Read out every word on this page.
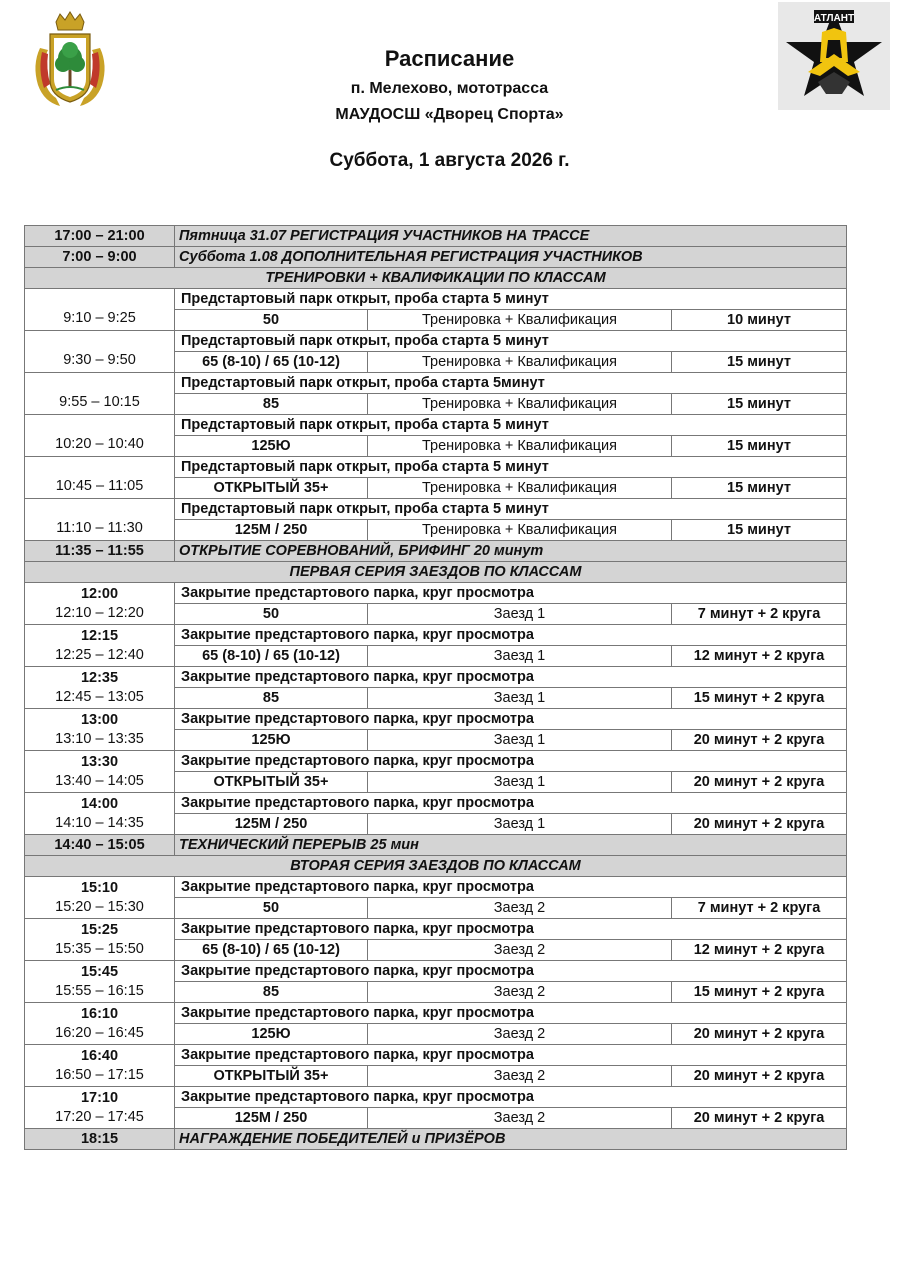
АТЛАНТ
Расписание
п. Мелехово, мототрасса
МАУДОСШ «Дворец Спорта»
Суббота, 1 августа 2026 г.
17:00 – 21:00	Пятница 31.07 РЕГИСТРАЦИЯ УЧАСТНИКОВ НА ТРАССЕ		
7:00 – 9:00	Суббота 1.08 ДОПОЛНИТЕЛЬНАЯ РЕГИСТРАЦИЯ УЧАСТНИКОВ		
ТРЕНИРОВКИ + КВАЛИФИКАЦИИ ПО КЛАССАМ			

9:10 – 9:25	Предстартовый парк открыт, проба старта 5 минут		
	50	Тренировка + Квалификация	10 минут

9:30 – 9:50	Предстартовый парк открыт, проба старта 5 минут		
	65 (8-10) / 65 (10-12)	Тренировка + Квалификация	15 минут

9:55 – 10:15	Предстартовый парк открыт, проба старта 5минут		
	85	Тренировка + Квалификация	15 минут

10:20 – 10:40	Предстартовый парк открыт, проба старта 5 минут		
	125Ю	Тренировка + Квалификация	15 минут

10:45 – 11:05	Предстартовый парк открыт, проба старта 5 минут		
	ОТКРЫТЫЙ 35+	Тренировка + Квалификация	15 минут

11:10 – 11:30	Предстартовый парк открыт, проба старта 5 минут		
	125М / 250	Тренировка + Квалификация	15 минут
11:35 – 11:55	ОТКРЫТИЕ СОРЕВНОВАНИЙ, БРИФИНГ 20 минут		
ПЕРВАЯ СЕРИЯ ЗАЕЗДОВ ПО КЛАССАМ			

12:00
12:10 – 12:20	Закрытие предстартового парка, круг просмотра		
	50	Заезд 1	7 минут + 2 круга

12:15
12:25 – 12:40	Закрытие предстартового парка, круг просмотра		
	65 (8-10) / 65 (10-12)	Заезд 1	12 минут + 2 круга

12:35
12:45 – 13:05	Закрытие предстартового парка, круг просмотра		
	85	Заезд 1	15 минут + 2 круга

13:00
13:10 – 13:35	Закрытие предстартового парка, круг просмотра		
	125Ю	Заезд 1	20 минут + 2 круга

13:30
13:40 – 14:05	Закрытие предстартового парка, круг просмотра		
	ОТКРЫТЫЙ 35+	Заезд 1	20 минут + 2 круга

14:00
14:10 – 14:35	Закрытие предстартового парка, круг просмотра		
	125М / 250	Заезд 1	20 минут + 2 круга
14:40 – 15:05	ТЕХНИЧЕСКИЙ ПЕРЕРЫВ 25 мин		
ВТОРАЯ СЕРИЯ ЗАЕЗДОВ ПО КЛАССАМ			

15:10
15:20 – 15:30	Закрытие предстартового парка, круг просмотра		
	50	Заезд 2	7 минут + 2 круга

15:25
15:35 – 15:50	Закрытие предстартового парка, круг просмотра		
	65 (8-10) / 65 (10-12)	Заезд 2	12 минут + 2 круга

15:45
15:55 – 16:15	Закрытие предстартового парка, круг просмотра		
	85	Заезд 2	15 минут + 2 круга

16:10
16:20 – 16:45	Закрытие предстартового парка, круг просмотра		
	125Ю	Заезд 2	20 минут + 2 круга

16:40
16:50 – 17:15	Закрытие предстартового парка, круг просмотра		
	ОТКРЫТЫЙ 35+	Заезд 2	20 минут + 2 круга

17:10
17:20 – 17:45	Закрытие предстартового парка, круг просмотра		
	125М / 250	Заезд 2	20 минут + 2 круга
18:15	НАГРАЖДЕНИЕ ПОБЕДИТЕЛЕЙ и ПРИЗЁРОВ		
